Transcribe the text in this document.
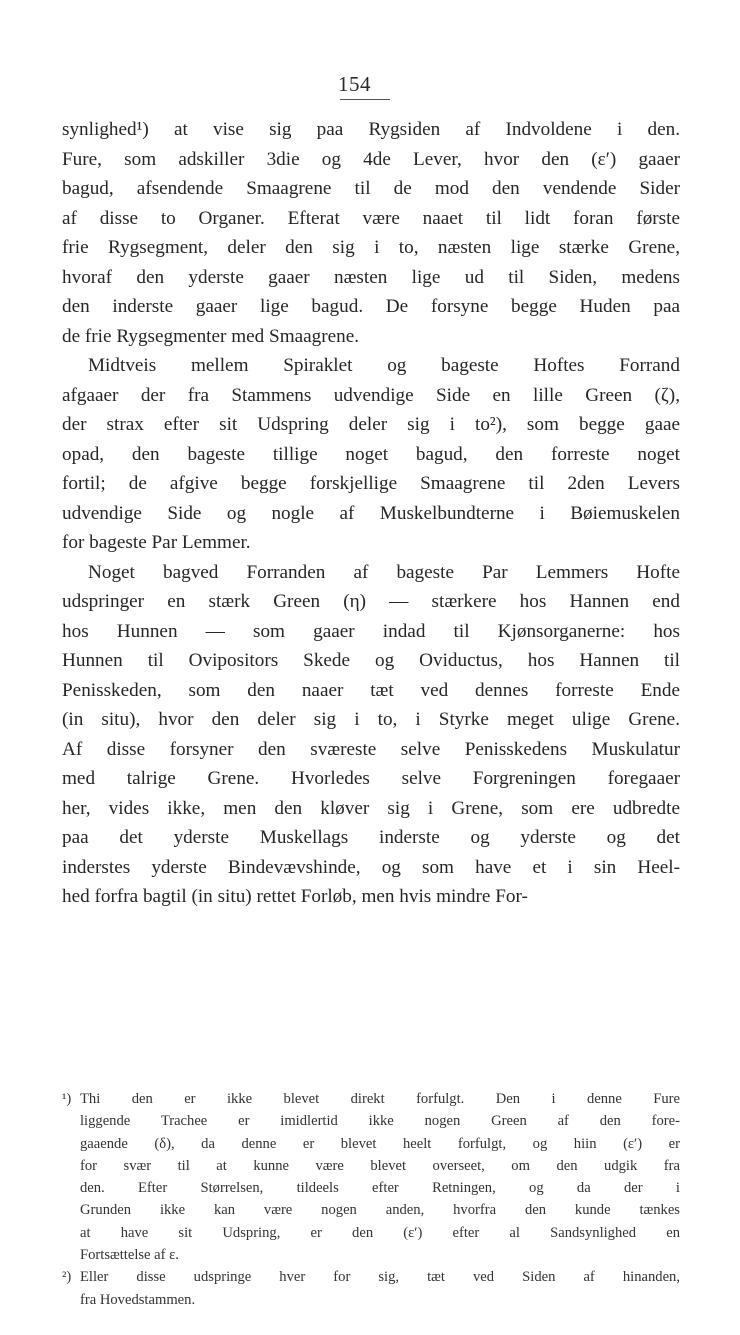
154
synlighed¹) at vise sig paa Rygsiden af Indvoldene i den.
Fure, som adskiller 3die og 4de Lever, hvor den (ε′) gaaer
bagud, afsendende Smaagrene til de mod den vendende Sider
af disse to Organer. Efterat være naaet til lidt foran første
frie Rygsegment, deler den sig i to, næsten lige stærke Grene,
hvoraf den yderste gaaer næsten lige ud til Siden, medens
den inderste gaaer lige bagud. De forsyne begge Huden paa
de frie Rygsegmenter med Smaagrene.
Midtveis mellem Spiraklet og bageste Hoftes Forrand
afgaaer der fra Stammens udvendige Side en lille Green (ζ),
der strax efter sit Udspring deler sig i to²), som begge gaae
opad, den bageste tillige noget bagud, den forreste noget
fortil; de afgive begge forskjellige Smaagrene til 2den Levers
udvendige Side og nogle af Muskelbundterne i Bøiemuskelen
for bageste Par Lemmer.
Noget bagved Forranden af bageste Par Lemmers Hofte
udspringer en stærk Green (η) — stærkere hos Hannen end
hos Hunnen — som gaaer indad til Kjønsorganerne: hos
Hunnen til Ovipositors Skede og Oviductus, hos Hannen til
Penisskeden, som den naaer tæt ved dennes forreste Ende
(in situ), hvor den deler sig i to, i Styrke meget ulige Grene.
Af disse forsyner den sværeste selve Penisskedens Muskulatur
med talrige Grene. Hvorledes selve Forgreningen foregaaer
her, vides ikke, men den kløver sig i Grene, som ere udbredte
paa det yderste Muskellags inderste og yderste og det
inderstes yderste Bindevævshinde, og som have et i sin Heel-
hed forfra bagtil (in situ) rettet Forløb, men hvis mindre For-
¹) Thi den er ikke blevet direkt forfulgt. Den i denne Fure
liggende Trachee er imidlertid ikke nogen Green af den fore-
gaaende (δ), da denne er blevet heelt forfulgt, og hiin (ε′) er
for svær til at kunne være blevet overseet, om den udgik fra
den. Efter Størrelsen, tildeels efter Retningen, og da der i
Grunden ikke kan være nogen anden, hvorfra den kunde tænkes
at have sit Udspring, er den (ε′) efter al Sandsynlighed en
Fortsættelse af ε.
²) Eller disse udspringe hver for sig, tæt ved Siden af hinanden,
fra Hovedstammen.
